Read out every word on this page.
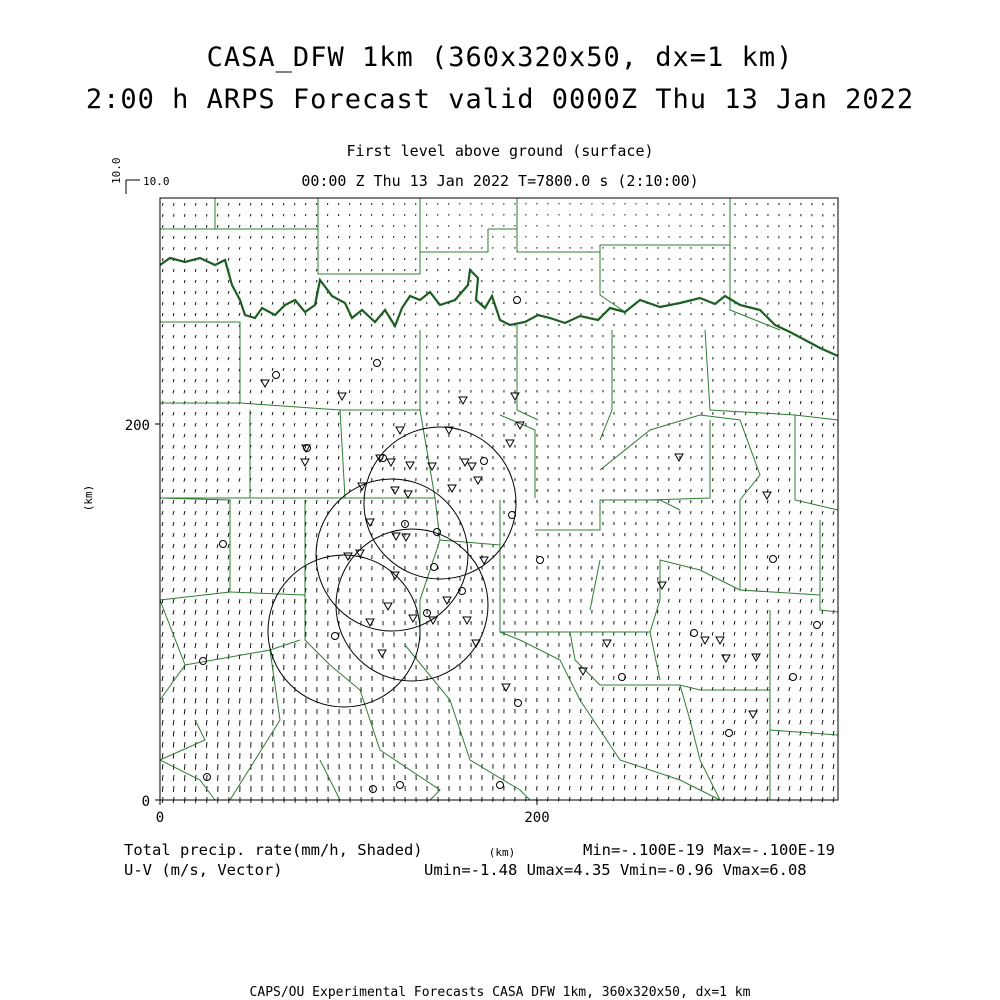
CASA_DFW 1km (360x320x50, dx=1 km)
2:00 h ARPS Forecast valid 0000Z Thu 13 Jan 2022
First level above ground (surface)
00:00 Z Thu 13 Jan 2022 T=7800.0 s (2:10:00)
10.0
10.0
0	200
0
200
(km)
(km)
Total precip. rate(mm/h, Shaded)	Min=-.100E-19 Max=-.100E-19
U-V (m/s, Vector)	Umin=-1.48 Umax=4.35 Vmin=-0.96 Vmax=6.08
CAPS/OU Experimental Forecasts CASA DFW 1km, 360x320x50, dx=1 km
